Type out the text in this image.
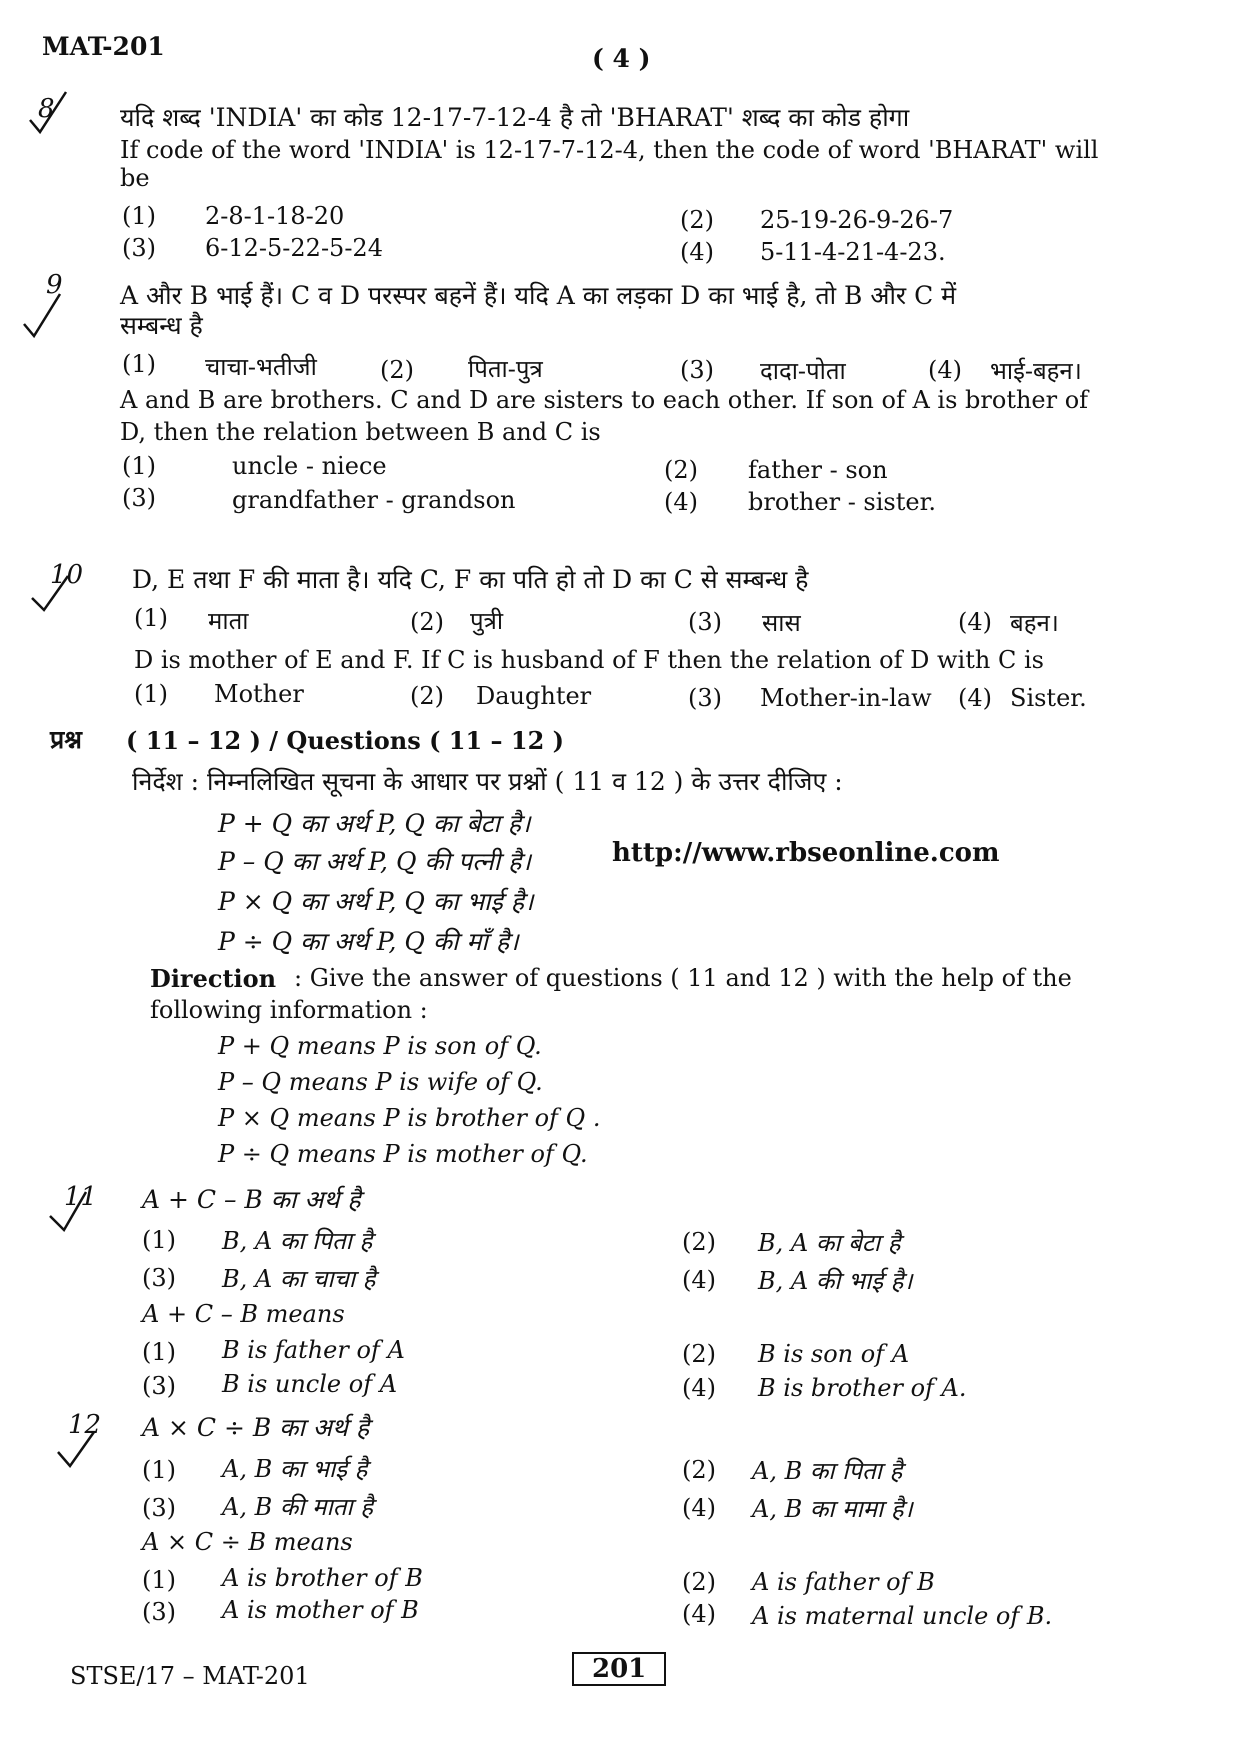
MAT-201	( 4 )
8	यदि शब्द 'INDIA' का कोड 12-17-7-12-4 है तो 'BHARAT' शब्द का कोड होगा
If code of the word 'INDIA' is 12-17-7-12-4, then the code of word 'BHARAT' will
be
(1) 2-8-1-18-20	(2) 25-19-26-9-26-7
(3) 6-12-5-22-5-24	(4) 5-11-4-21-4-23.
9 A और B भाई हैं। C व D परस्पर बहनें हैं। यदि A का लड़का D का भाई है, तो B और C में
सम्बन्ध है
(1) चाचा-भतीजी	(2) पिता-पुत्र	(3) दादा-पोता	(4) भाई-बहन।
A and B are brothers. C and D are sisters to each other. If son of A is brother of
D, then the relation between B and C is
(1)	uncle - niece	(2) father - son
(3)	grandfather - grandson	(4) brother - sister.
10 D, E तथा F की माता है। यदि C, F का पति हो तो D का C से सम्बन्ध है
(1) माता	(2) पुत्री	(3) सास	(4) बहन।
D is mother of E and F. If C is husband of F then the relation of D with C is
(1) Mother	(2) Daughter	(3) Mother-in-law (4) Sister.
प्रश्न ( 11 – 12 ) / Questions ( 11 – 12 )
निर्देश : निम्नलिखित सूचना के आधार पर प्रश्नों ( 11 व 12 ) के उत्तर दीजिए :
P + Q का अर्थ P, Q का बेटा है।
P – Q का अर्थ P, Q की पत्नी है।	http://www.rbseonline.com
P × Q का अर्थ P, Q का भाई है।
P ÷ Q का अर्थ P, Q की माँ है।
Direction : Give the answer of questions ( 11 and 12 ) with the help of the
following information :
P + Q means P is son of Q.
P – Q means P is wife of Q.
P × Q means P is brother of Q .
P ÷ Q means P is mother of Q.
11 A + C – B का अर्थ है
(1) B, A का पिता है	(2) B, A का बेटा है
(3) B, A का चाचा है	(4) B, A की भाई है।
A + C – B means
(1) B is father of A	(2) B is son of A
(3) B is uncle of A	(4) B is brother of A.
12 A × C ÷ B का अर्थ है
(1) A, B का भाई है	(2) A, B का पिता है
(3) A, B की माता है	(4) A, B का मामा है।
A × C ÷ B means
(1) A is brother of B	(2) A is father of B
(3) A is mother of B	(4) A is maternal uncle of B.
STSE/17 – MAT-201	201
